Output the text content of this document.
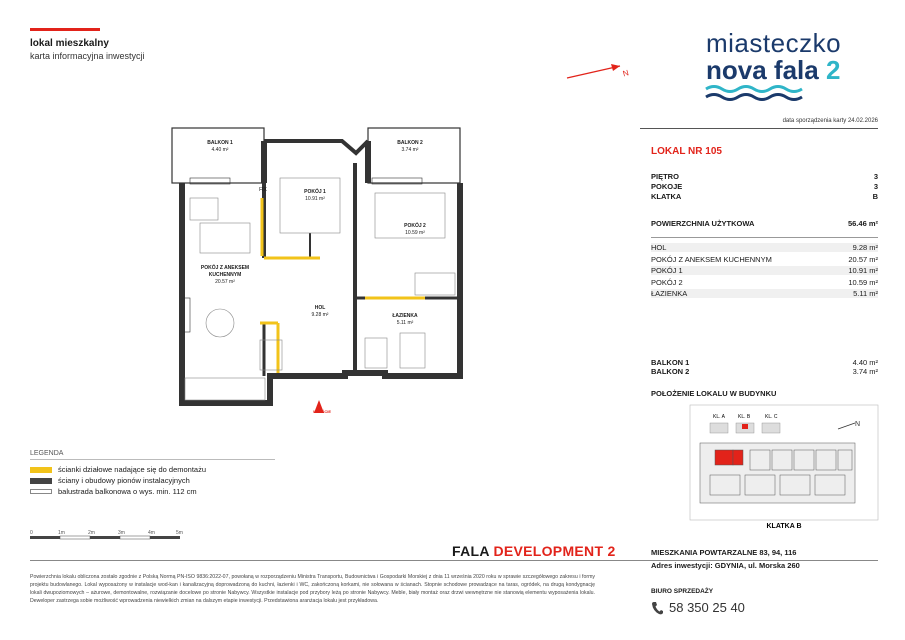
lokal mieszkalny
karta informacyjna inwestycji
N
miasteczko
nova fala 2
data sporządzenia karty 24.02.2026
LOKAL NR 105
PIĘTRO	3
POKOJE	3
KLATKA	B
POWIERZCHNIA UŻYTKOWA	56.46 m²
HOL	9.28 m²
POKÓJ Z ANEKSEM KUCHENNYM	20.57 m²
POKÓJ 1	10.91 m²
POKÓJ 2	10.59 m²
ŁAZIENKA	5.11 m²
BALKON 1	4.40 m²
BALKON 2	3.74 m²
POŁOŻENIE LOKALU W BUDYNKU
KL. A	KL. B	KL. C
N
KLATKA B
BALKON 1
4.40 m²
BALKON 2
3.74 m²
POKÓJ 1
10.91 m²
POKÓJ 2
10.59 m²
POKÓJ Z ANEKSEM
KUCHENNYM
20.57 m²
HOL
9.28 m²	ŁAZIENKA
5.11 m²
WEJŚCIE
FIX
LEGENDA
ścianki działowe nadające się do demontażu
ściany i obudowy pionów instalacyjnych
balustrada balkonowa o wys. min. 112 cm
0	1m	2m	3m	4m	5m
FALA DEVELOPMENT 2
Powierzchnia lokalu obliczona zostało zgodnie z Polską Normą PN-ISO 9836:2022-07, powołaną w rozporządzeniu Ministra Transportu, Budownictwa i Gospodarki Morskiej z dnia 11 września 2020 roku w sprawie szczegółowego zakresu i formy projektu budowlanego. Lokal wyposażony w instalacje wod-kan i kanalizacyjną doprowadzoną do kuchni, łazienki i WC, zakończoną korkami, nie sołowana w ścianach. Stopnie schodowe prowadzące na taras, ogródek, na drugą kondygnację lokali dwupoziomowych – ażurowe, demontowalne, rozwiązanie docelowe po stronie Nabywcy. Wszystkie instalacje pod przybory leżą po stronie Nabywcy. Meble, biały montaż oraz drzwi wewnętrzne nie stanowią elementu wyposażenia lokalu. Deweloper zastrzega sobie możliwość wprowadzenia niewielkich zmian na dalszym etapie inwestycji. Przedstawiona aranżacja lokalu jest przykładowa.
MIESZKANIA POWTARZALNE 83, 94, 116
Adres inwestycji: GDYNIA, ul. Morska 260
BIURO SPRZEDAŻY
58 350 25 40
